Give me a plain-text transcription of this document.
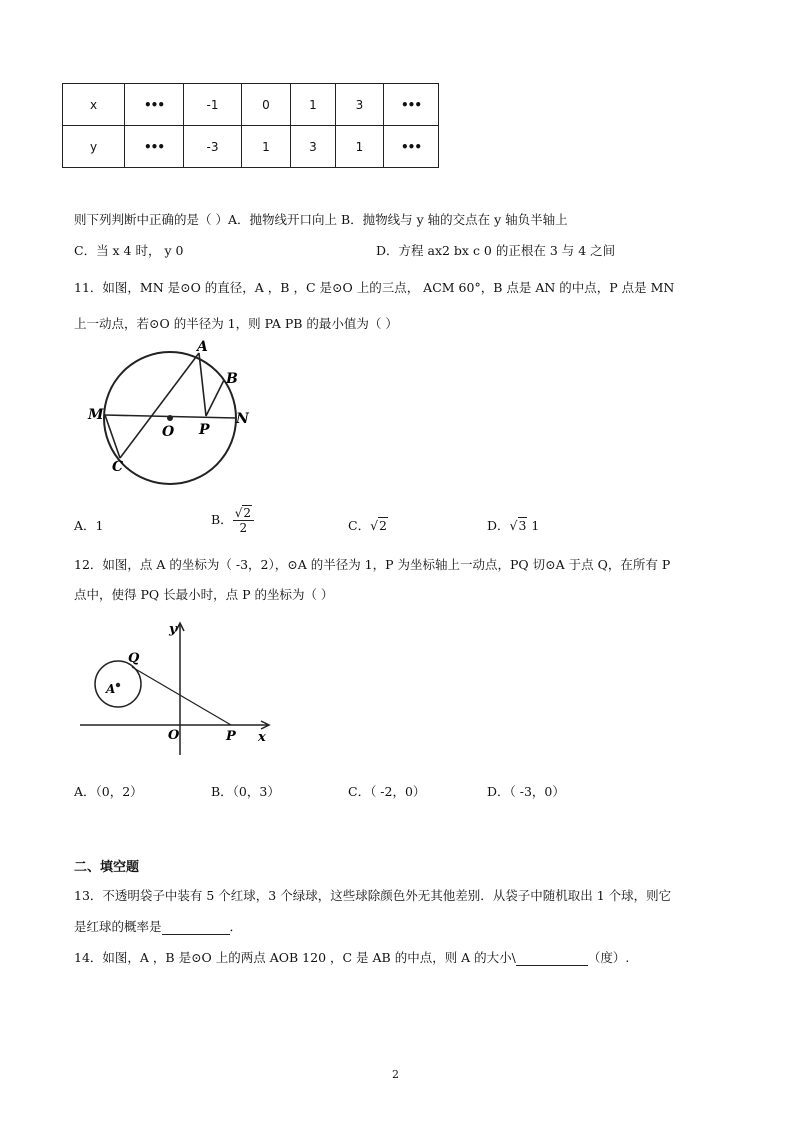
x	•••	-1	0	1	3	•••
y	•••	-3	1	3	1	•••
则下列判断中正确的是（ ）A．抛物线开口向上 B．抛物线与 y 轴的交点在 y 轴负半轴上
C．当 x 4 时， y 0	D．方程 ax2 bx c 0 的正根在 3 与 4 之间
11．如图，MN 是⊙O 的直径，A ，B ，C 是⊙O 上的三点， ACM 60°，B 点是 AN 的中点，P 点是 MN
上一动点，若⊙O 的半径为 1，则 PA PB 的最小值为（ ）
A
B
M
O P
N
C
A．1	B． $\frac{√2}{2}$	C．√2	D．√3 1
12．如图，点 A 的坐标为（ -3，2），⊙A 的半径为 1，P 为坐标轴上一动点，PQ 切⊙A 于点 Q，在所有 P
点中，使得 PQ 长最小时，点 P 的坐标为（ ）
y
Q
A
O	P x
A．（0，2）	B．（0，3）	C．（ -2，0）	D．（ -3，0）
二、填空题
13．不透明袋子中装有 5 个红球，3 个绿球，这些球除颜色外无其他差别．从袋子中随机取出 1 个球，则它
是红球的概率是	．
14．如图，A ，B 是⊙O 上的两点 AOB 120 ，C 是 AB 的中点，则 A 的大小\	（度）.
2
